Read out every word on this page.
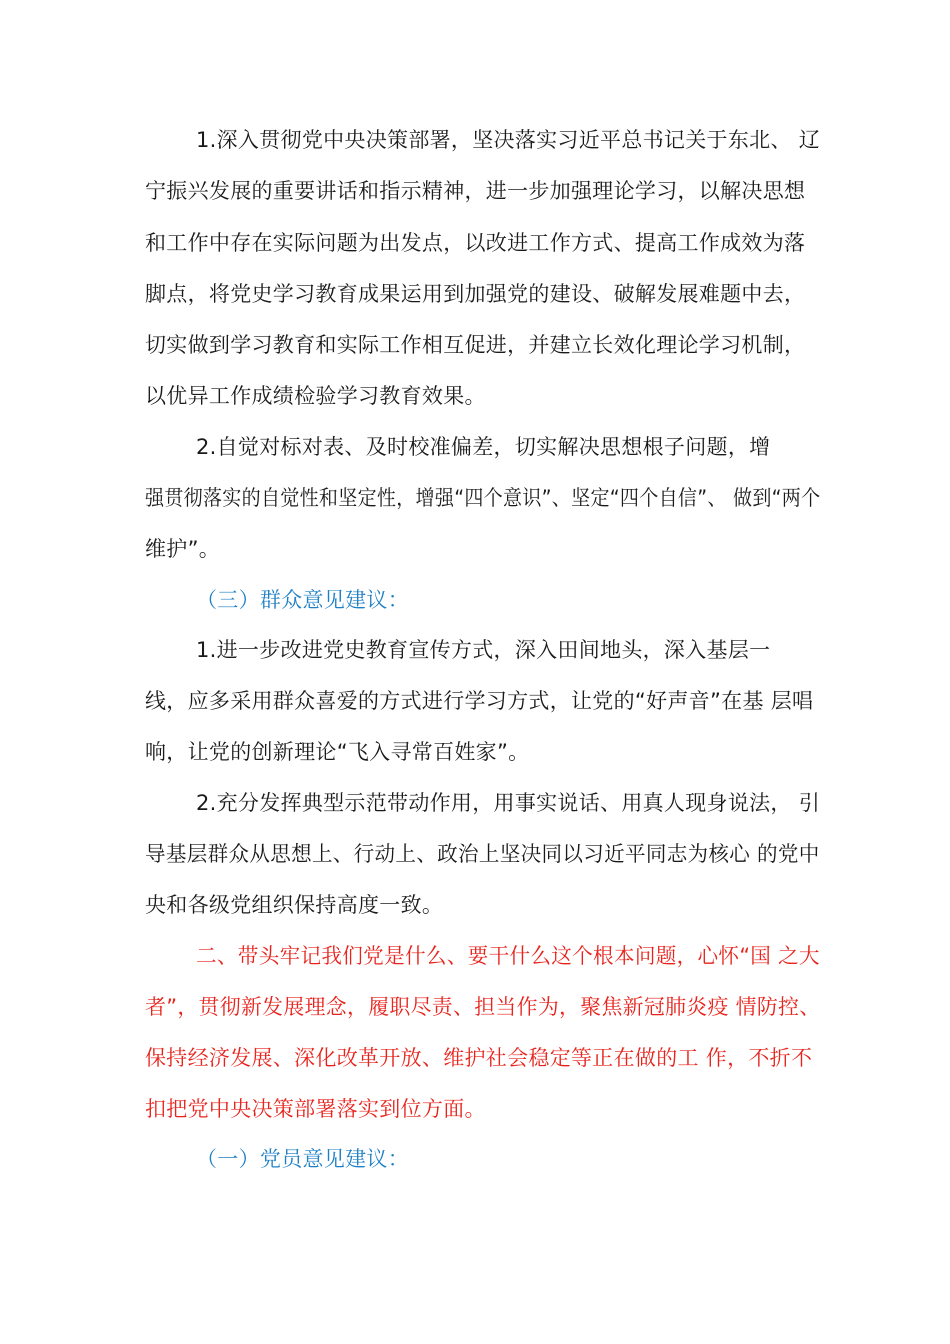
1.深入贯彻党中央决策部署，坚决落实习近平总书记关于东北、 辽
宁振兴发展的重要讲话和指示精神，进一步加强理论学习，以解决思想
和工作中存在实际问题为出发点，以改进工作方式、提高工作成效为落
脚点，将党史学习教育成果运用到加强党的建设、破解发展难题中去，
切实做到学习教育和实际工作相互促进，并建立长效化理论学习机制，
以优异工作成绩检验学习教育效果。
2.自觉对标对表、及时校准偏差，切实解决思想根子问题，增
强贯彻落实的自觉性和坚定性，增强“四个意识”、坚定“四个自信”、 做到“两个
维护”。
（三）群众意见建议：
1.进一步改进党史教育宣传方式，深入田间地头，深入基层一
线，应多采用群众喜爱的方式进行学习方式，让党的“好声音”在基 层唱
响，让党的创新理论“飞入寻常百姓家”。
2.充分发挥典型示范带动作用，用事实说话、用真人现身说法， 引
导基层群众从思想上、行动上、政治上坚决同以习近平同志为核心 的党中
央和各级党组织保持高度一致。
二、带头牢记我们党是什么、要干什么这个根本问题，心怀“国 之大
者”，贯彻新发展理念，履职尽责、担当作为，聚焦新冠肺炎疫 情防控、
保持经济发展、深化改革开放、维护社会稳定等正在做的工 作，不折不
扣把党中央决策部署落实到位方面。
（一）党员意见建议：
